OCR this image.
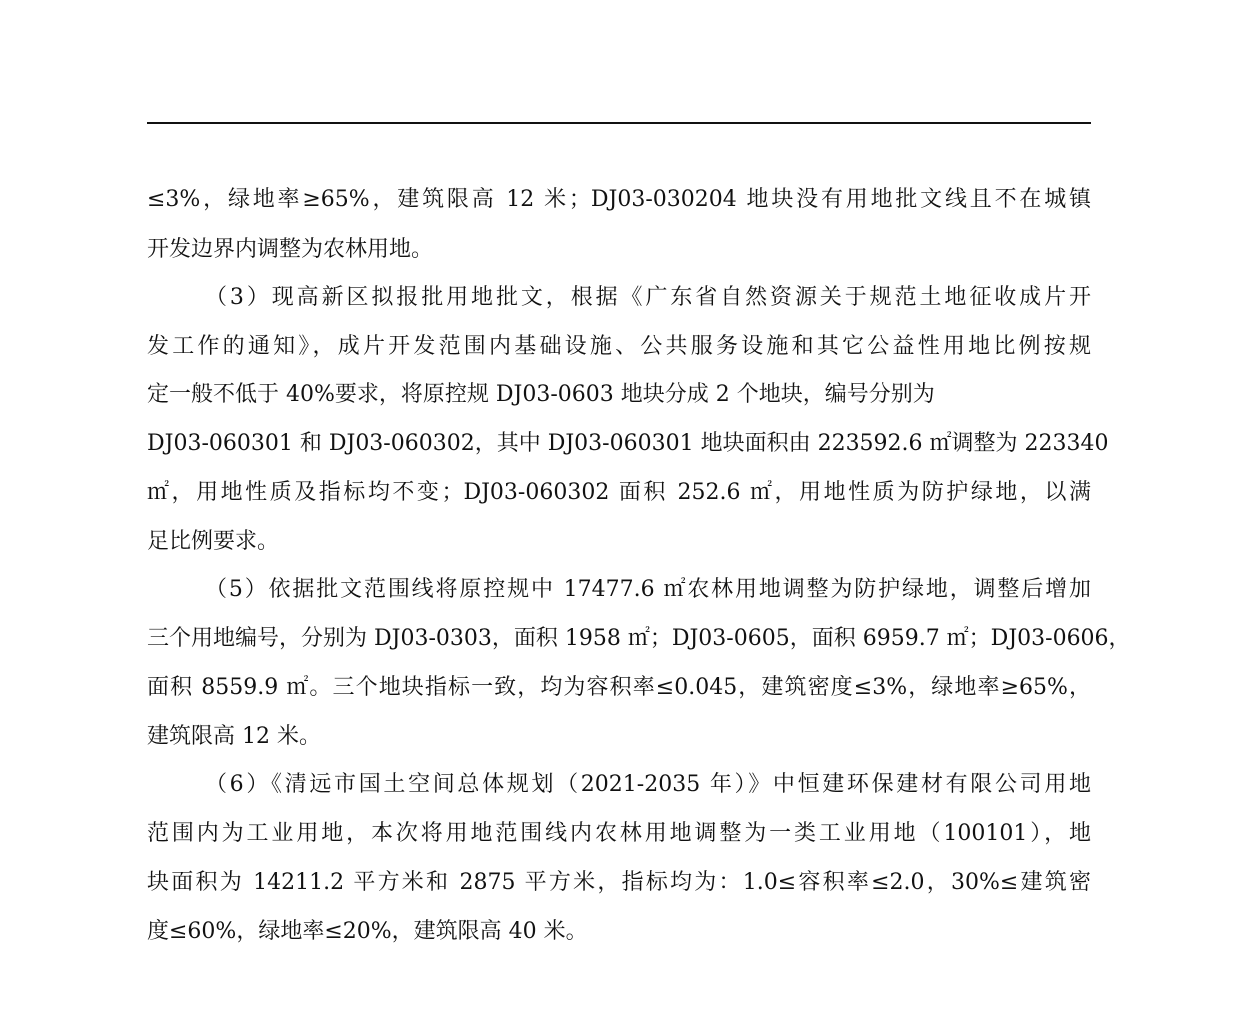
≤3%，绿地率≥65%，建筑限高 12 米；DJ03-030204 地块没有用地批文线且不在城镇
开发边界内调整为农林用地。
（3）现高新区拟报批用地批文，根据《广东省自然资源关于规范土地征收成片开
发工作的通知》，成片开发范围内基础设施、公共服务设施和其它公益性用地比例按规
定一般不低于 40%要求，将原控规 DJ03-0603 地块分成 2 个地块，编号分别为
DJ03-060301 和 DJ03-060302，其中 DJ03-060301 地块面积由 223592.6 ㎡调整为 223340
㎡，用地性质及指标均不变；DJ03-060302 面积 252.6 ㎡，用地性质为防护绿地，以满
足比例要求。
（5）依据批文范围线将原控规中 17477.6 ㎡农林用地调整为防护绿地，调整后增加
三个用地编号，分别为 DJ03-0303，面积 1958 ㎡；DJ03-0605，面积 6959.7 ㎡；DJ03-0606，
面积 8559.9 ㎡。三个地块指标一致，均为容积率≤0.045，建筑密度≤3%，绿地率≥65%，
建筑限高 12 米。
（6）《清远市国土空间总体规划（2021-2035 年）》中恒建环保建材有限公司用地
范围内为工业用地，本次将用地范围线内农林用地调整为一类工业用地（100101），地
块面积为 14211.2 平方米和 2875 平方米，指标均为：1.0≤容积率≤2.0，30%≤建筑密
度≤60%，绿地率≤20%，建筑限高 40 米。
